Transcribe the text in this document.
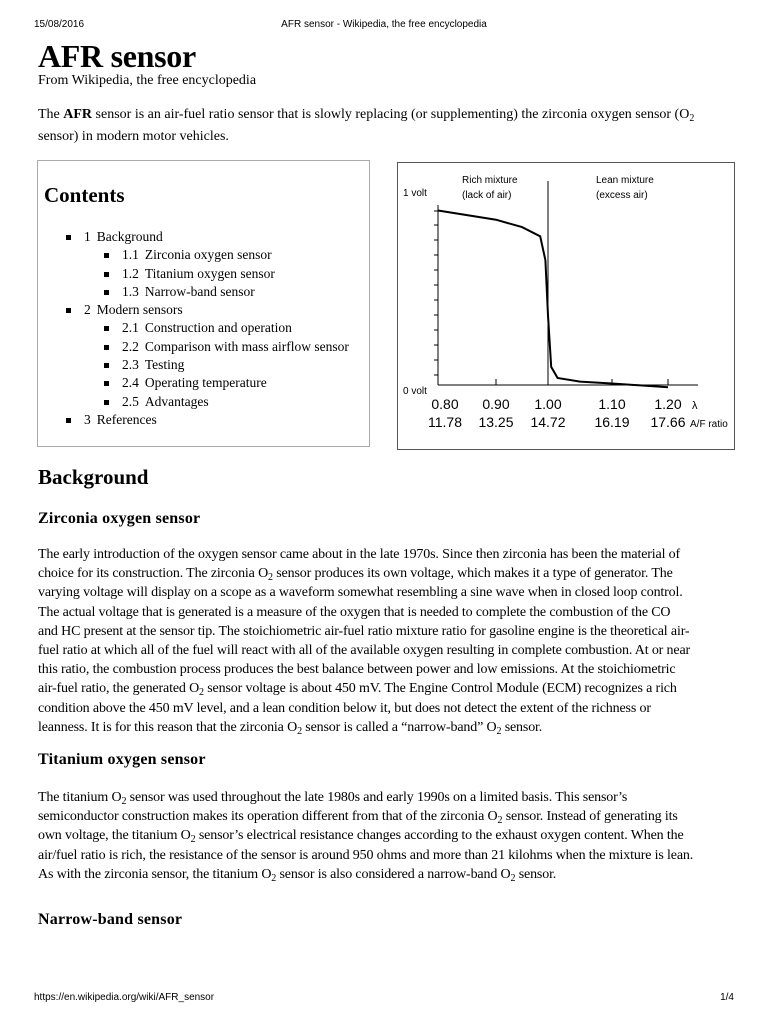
15/08/2016	AFR sensor - Wikipedia, the free encyclopedia
AFR sensor
From Wikipedia, the free encyclopedia
The AFR sensor is an air-fuel ratio sensor that is slowly replacing (or supplementing) the zirconia oxygen sensor ($O_2$ sensor) in modern motor vehicles.
Contents
1 Background
1.1 Zirconia oxygen sensor
1.2 Titanium oxygen sensor
1.3 Narrow-band sensor
2 Modern sensors
2.1 Construction and operation
2.2 Comparison with mass airflow sensor
2.3 Testing
2.4 Operating temperature
2.5 Advantages
3 References
Rich mixture
(lack of air)
Lean mixture
(excess air)
1 volt
0 volt
0.80 0.90 1.00	1.10 1.20 λ
11.78 13.25 14.72 16.19 17.66 A/F ratio
Background
Zirconia oxygen sensor

The early introduction of the oxygen sensor came about in the late 1970s. Since then zirconia has been the material of
choice for its construction. The zirconia $O_2$ sensor produces its own voltage, which makes it a type of generator. The
varying voltage will display on a scope as a waveform somewhat resembling a sine wave when in closed loop control.
The actual voltage that is generated is a measure of the oxygen that is needed to complete the combustion of the CO
and HC present at the sensor tip. The stoichiometric air-fuel ratio mixture ratio for gasoline engine is the theoretical air-
fuel ratio at which all of the fuel will react with all of the available oxygen resulting in complete combustion. At or near
this ratio, the combustion process produces the best balance between power and low emissions. At the stoichiometric
air-fuel ratio, the generated $O_2$ sensor voltage is about 450 mV. The Engine Control Module (ECM) recognizes a rich
condition above the 450 mV level, and a lean condition below it, but does not detect the extent of the richness or
leanness. It is for this reason that the zirconia $O_2$ sensor is called a “narrow-band” $O_2$ sensor.

Titanium oxygen sensor

The titanium $O_2$ sensor was used throughout the late 1980s and early 1990s on a limited basis. This sensor’s
semiconductor construction makes its operation different from that of the zirconia $O_2$ sensor. Instead of generating its
own voltage, the titanium $O_2$ sensor’s electrical resistance changes according to the exhaust oxygen content. When the
air/fuel ratio is rich, the resistance of the sensor is around 950 ohms and more than 21 kilohms when the mixture is lean.
As with the zirconia sensor, the titanium $O_2$ sensor is also considered a narrow-band $O_2$ sensor.

Narrow-band sensor
https://en.wikipedia.org/wiki/AFR_sensor	1/4
